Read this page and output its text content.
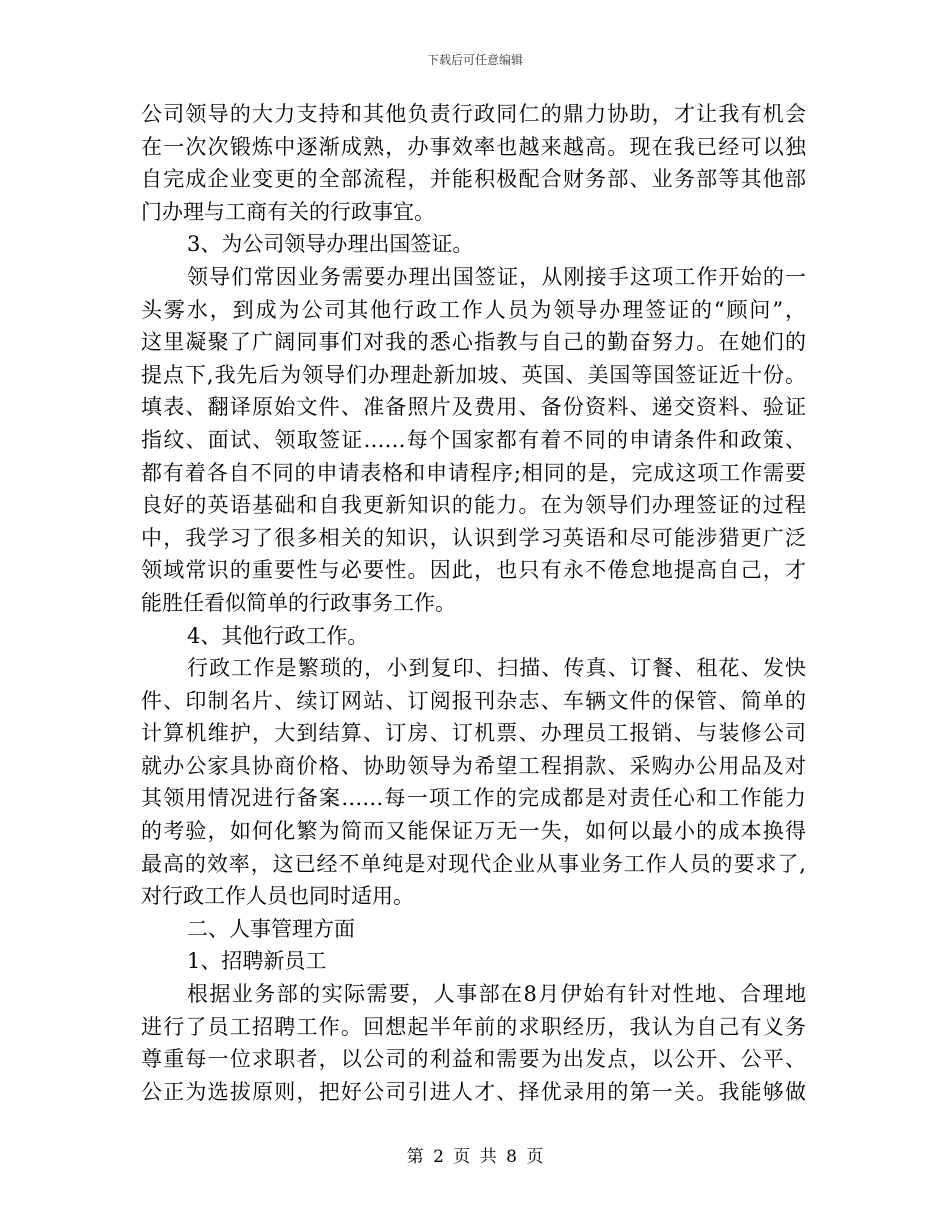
下载后可任意编辑
公司领导的大力支持和其他负责行政同仁的鼎力协助，才让我有机会
在一次次锻炼中逐渐成熟，办事效率也越来越高。现在我已经可以独
自完成企业变更的全部流程，并能积极配合财务部、业务部等其他部
门办理与工商有关的行政事宜。
3、为公司领导办理出国签证。
领导们常因业务需要办理出国签证，从刚接手这项工作开始的一
头雾水，到成为公司其他行政工作人员为领导办理签证的“顾问”，
这里凝聚了广阔同事们对我的悉心指教与自己的勤奋努力。在她们的
提点下,我先后为领导们办理赴新加坡、英国、美国等国签证近十份。
填表、翻译原始文件、准备照片及费用、备份资料、递交资料、验证
指纹、面试、领取签证……每个国家都有着不同的申请条件和政策、
都有着各自不同的申请表格和申请程序;相同的是，完成这项工作需要
良好的英语基础和自我更新知识的能力。在为领导们办理签证的过程
中，我学习了很多相关的知识，认识到学习英语和尽可能涉猎更广泛
领域常识的重要性与必要性。因此，也只有永不倦怠地提高自己，才
能胜任看似简单的行政事务工作。
4、其他行政工作。
行政工作是繁琐的，小到复印、扫描、传真、订餐、租花、发快
件、印制名片、续订网站、订阅报刊杂志、车辆文件的保管、简单的
计算机维护，大到结算、订房、订机票、办理员工报销、与装修公司
就办公家具协商价格、协助领导为希望工程捐款、采购办公用品及对
其领用情况进行备案……每一项工作的完成都是对责任心和工作能力
的考验，如何化繁为简而又能保证万无一失，如何以最小的成本换得
最高的效率，这已经不单纯是对现代企业从事业务工作人员的要求了,
对行政工作人员也同时适用。
二、人事管理方面
1、招聘新员工
根据业务部的实际需要，人事部在8月伊始有针对性地、合理地
进行了员工招聘工作。回想起半年前的求职经历，我认为自己有义务
尊重每一位求职者，以公司的利益和需要为出发点，以公开、公平、
公正为选拔原则，把好公司引进人才、择优录用的第一关。我能够做
第 2 页 共 8 页
